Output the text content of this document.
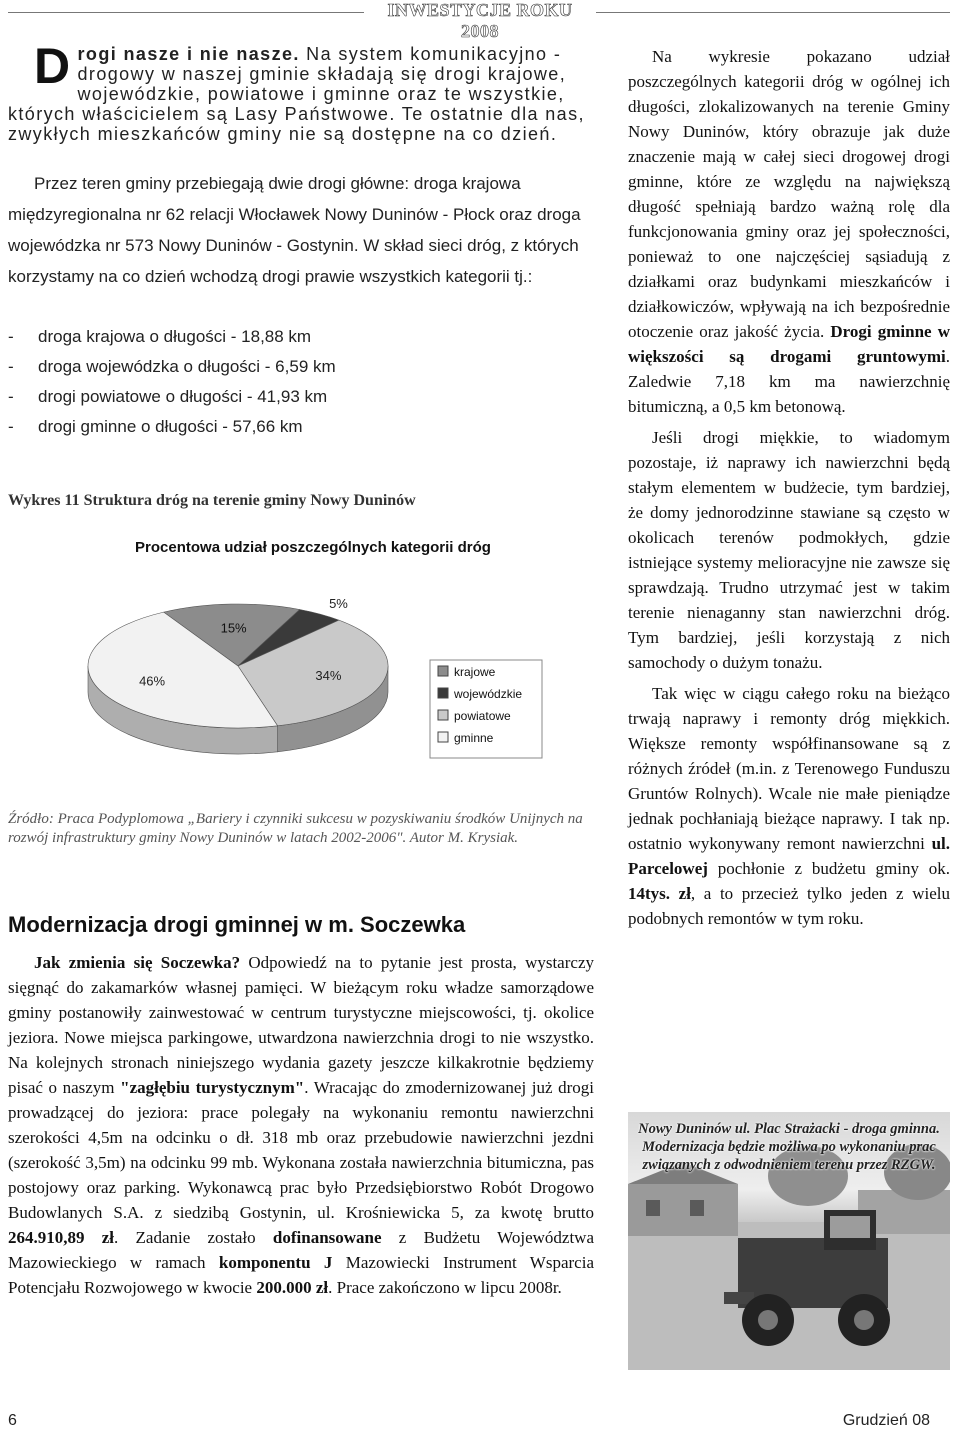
INWESTYCJE ROKU 2008
Drogi nasze i nie nasze. Na system komunikacyjno - drogowy w naszej gminie składają się drogi krajowe, wojewódzkie, powiatowe i gminne oraz te wszystkie, których właścicielem są Lasy Państwowe. Te ostatnie dla nas, zwykłych mieszkańców gminy nie są dostępne na co dzień.
Przez teren gminy przebiegają dwie drogi główne: droga krajowa międzyregionalna nr 62 relacji Włocławek Nowy Duninów - Płock oraz droga wojewódzka nr 573 Nowy Duninów - Gostynin. W skład sieci dróg, z których korzystamy na co dzień wchodzą drogi prawie wszystkich kategorii tj.:
-	droga krajowa o długości - 18,88 km
-	droga wojewódzka o długości - 6,59 km
-	drogi powiatowe o długości - 41,93 km
-	drogi gminne o długości - 57,66 km
Wykres 11 Struktura dróg na terenie gminy Nowy Duninów
Procentowa udział poszczególnych kategorii dróg
15%
5%
34%
46%
krajowe
wojewódzkie
powiatowe
gminne
Źródło: Praca Podyplomowa „Bariery i czynniki sukcesu w pozyskiwaniu środków Unijnych na rozwój infrastruktury gminy Nowy Duninów w latach 2002-2006". Autor M. Krysiak.
Modernizacja drogi gminnej w m. Soczewka
Jak zmienia się Soczewka? Odpowiedź na to pytanie jest prosta, wystarczy sięgnąć do zakamarków własnej pamięci. W bieżącym roku władze samorządowe gminy postanowiły zainwestować w centrum turystyczne miejscowości, tj. okolice jeziora. Nowe miejsca parkingowe, utwardzona nawierzchnia drogi to nie wszystko. Na kolejnych stronach niniejszego wydania gazety jeszcze kilkakrotnie będziemy pisać o naszym "zagłębiu turystycznym". Wracając do zmodernizowanej już drogi prowadzącej do jeziora: prace polegały na wykonaniu remontu nawierzchni szerokości 4,5m na odcinku o dł. 318 mb oraz przebudowie nawierzchni jezdni (szerokość 3,5m) na odcinku 99 mb. Wykonana została nawierzchnia bitumiczna, pas postojowy oraz parking. Wykonawcą prac było Przedsiębiorstwo Robót Drogowo Budowlanych S.A. z siedzibą Gostynin, ul. Krośniewicka 5, za kwotę brutto 264.910,89 zł. Zadanie zostało dofinansowane z Budżetu Województwa Mazowieckiego w ramach komponentu J Mazowiecki Instrument Wsparcia Potencjału Rozwojowego w kwocie 200.000 zł. Prace zakończono w lipcu 2008r.

Na wykresie pokazano udział poszczególnych kategorii dróg w ogólnej ich długości, zlokalizowanych na terenie Gminy Nowy Duninów, który obrazuje jak duże znaczenie mają w całej sieci drogowej drogi gminne, które ze względu na największą długość spełniają bardzo ważną rolę dla funkcjonowania gminy oraz jej społeczności, ponieważ to one najczęściej sąsiadują z działkami oraz budynkami mieszkańców i działkowiczów, wpływają na ich bezpośrednie otoczenie oraz jakość życia. Drogi gminne w większości są drogami gruntowymi. Zaledwie 7,18 km ma nawierzchnię bitumiczną, a 0,5 km betonową.

Jeśli drogi miękkie, to wiadomym pozostaje, iż naprawy ich nawierzchni będą stałym elementem w budżecie, tym bardziej, że domy jednorodzinne stawiane są często w okolicach terenów podmokłych, gdzie istniejące systemy melioracyjne nie zawsze się sprawdzają. Trudno utrzymać jest w takim terenie nienaganny stan nawierzchni dróg. Tym bardziej, jeśli korzystają z nich samochody o dużym tonażu.

Tak więc w ciągu całego roku na bieżąco trwają naprawy i remonty dróg miękkich. Większe remonty współfinansowane są z różnych źródeł (m.in. z Terenowego Funduszu Gruntów Rolnych). Wcale nie małe pieniądze jednak pochłaniają bieżące naprawy. I tak np. ostatnio wykonywany remont nawierzchni ul. Parcelowej pochłonie z budżetu gminy ok. 14tys. zł, a to przecież tylko jeden z wielu podobnych remontów w tym roku.

Nowy Duninów ul. Plac Strażacki - droga gminna. Modernizacja będzie możliwa po wykonaniu prac związanych z odwodnieniem terenu przez RZGW.
6	Grudzień 08
